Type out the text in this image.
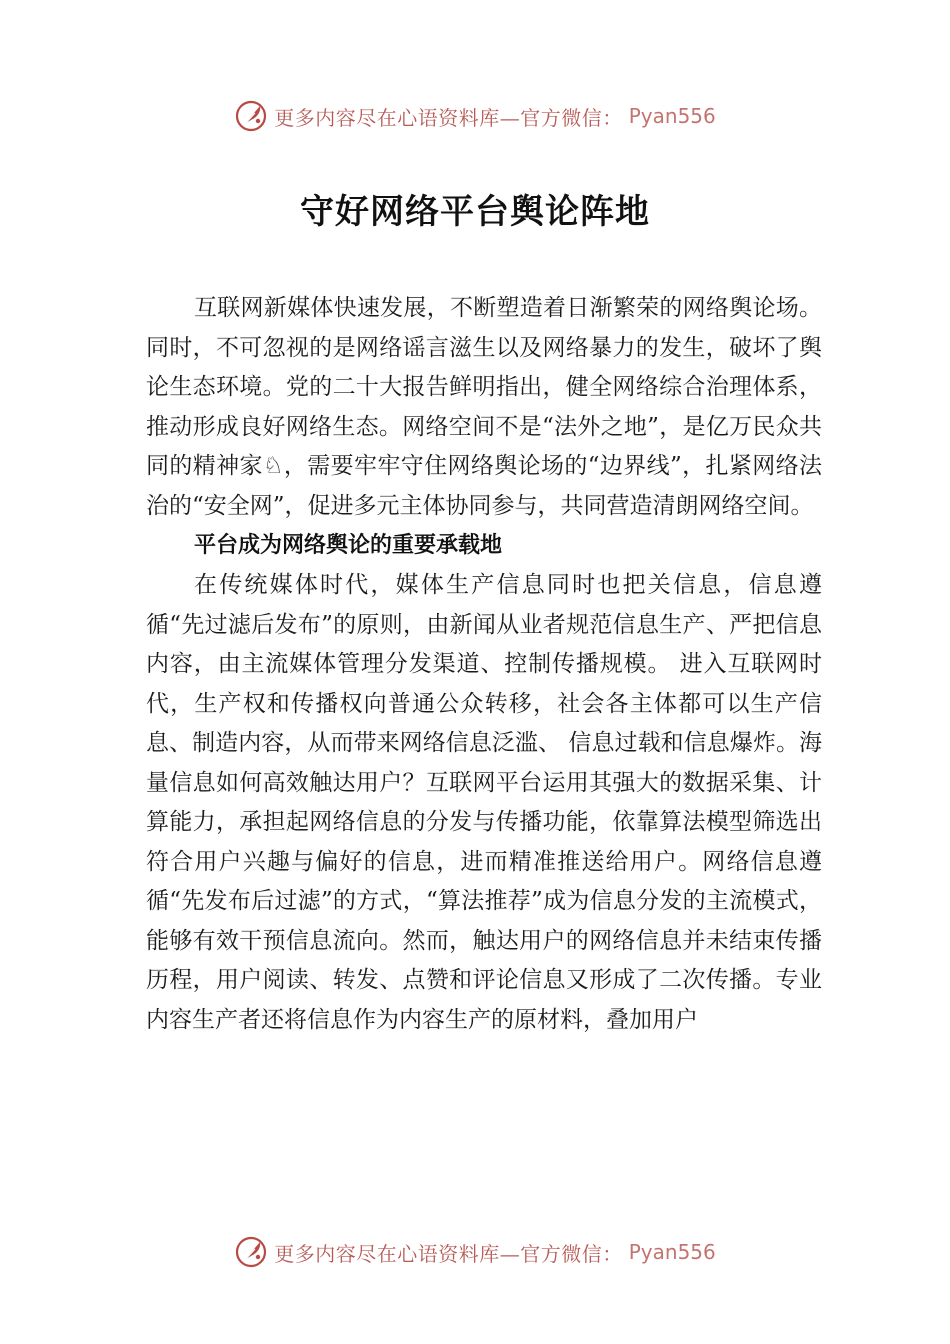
更多内容尽在心语资料库—官方微信： Pyan556
守好网络平台舆论阵地

互联网新媒体快速发展，不断塑造着日渐繁荣的网络舆论场。同时，不可忽视的是网络谣言滋生以及网络暴力的发生，破坏了舆论生态环境。党的二十大报告鲜明指出，健全网络综合治理体系，推动形成良好网络生态。网络空间不是“法外之地”，是亿万民众共同的精神家♘，需要牢牢守住网络舆论场的“边界线”，扎紧网络法治的“安全网”，促进多元主体协同参与，共同营造清朗网络空间。

平台成为网络舆论的重要承载地

在传统媒体时代，媒体生产信息同时也把关信息，信息遵循“先过滤后发布”的原则，由新闻从业者规范信息生产、严把信息内容，由主流媒体管理分发渠道、控制传播规模。 进入互联网时代，生产权和传播权向普通公众转移，社会各主体都可以生产信息、制造内容，从而带来网络信息泛滥、 信息过载和信息爆炸。海量信息如何高效触达用户？互联网平台运用其强大的数据采集、计算能力，承担起网络信息的分发与传播功能，依靠算法模型筛选出符合用户兴趣与偏好的信息，进而精准推送给用户。网络信息遵循“先发布后过滤”的方式，“算法推荐”成为信息分发的主流模式，能够有效干预信息流向。然而，触达用户的网络信息并未结束传播历程，用户阅读、转发、点赞和评论信息又形成了二次传播。专业内容生产者还将信息作为内容生产的原材料，叠加用户

更多内容尽在心语资料库—官方微信： Pyan556
